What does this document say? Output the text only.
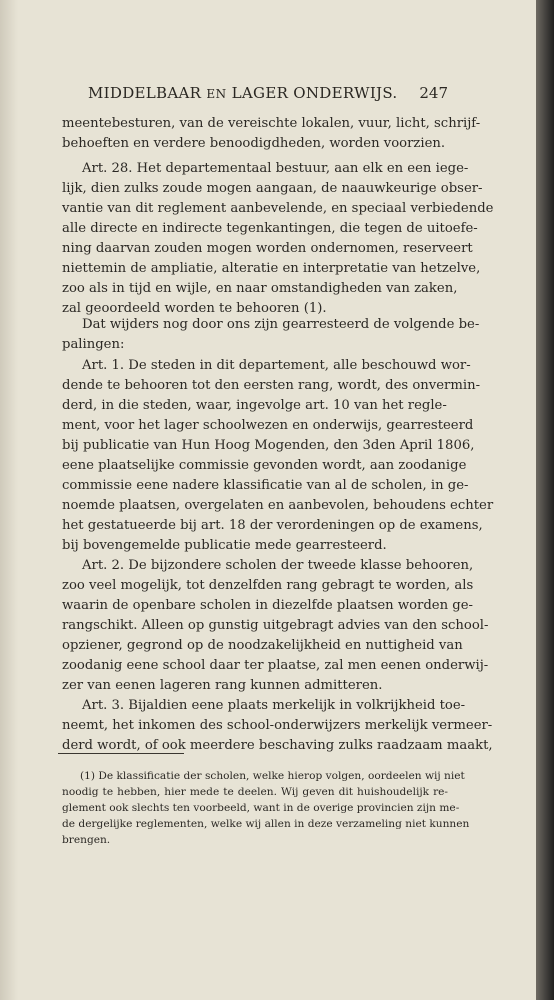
MIDDELBAAR EN LAGER ONDERWIJS. 247
meentebesturen, van de vereischte lokalen, vuur, licht, schrijf-
behoeften en verdere benoodigdheden, worden voorzien.
Art. 28. Het departementaal bestuur, aan elk en een iege-
lijk, dien zulks zoude mogen aangaan, de naauwkeurige obser-
vantie van dit reglement aanbevelende, en speciaal verbiedende
alle directe en indirecte tegenkantingen, die tegen de uitoefe-
ning daarvan zouden mogen worden ondernomen, reserveert
niettemin de ampliatie, alteratie en interpretatie van hetzelve,
zoo als in tijd en wijle, en naar omstandigheden van zaken,
zal geoordeeld worden te behooren (1).
Dat wijders nog door ons zijn gearresteerd de volgende be-
palingen:
Art. 1. De steden in dit departement, alle beschouwd wor-
dende te behooren tot den eersten rang, wordt, des onvermin-
derd, in die steden, waar, ingevolge art. 10 van het regle-
ment, voor het lager schoolwezen en onderwijs, gearresteerd
bij publicatie van Hun Hoog Mogenden, den 3den April 1806,
eene plaatselijke commissie gevonden wordt, aan zoodanige
commissie eene nadere klassificatie van al de scholen, in ge-
noemde plaatsen, overgelaten en aanbevolen, behoudens echter
het gestatueerde bij art. 18 der verordeningen op de examens,
bij bovengemelde publicatie mede gearresteerd.
Art. 2. De bijzondere scholen der tweede klasse behooren,
zoo veel mogelijk, tot denzelfden rang gebragt te worden, als
waarin de openbare scholen in diezelfde plaatsen worden ge-
rangschikt. Alleen op gunstig uitgebragt advies van den school-
opziener, gegrond op de noodzakelijkheid en nuttigheid van
zoodanig eene school daar ter plaatse, zal men eenen onderwij-
zer van eenen lageren rang kunnen admitteren.
Art. 3. Bijaldien eene plaats merkelijk in volkrijkheid toe-
neemt, het inkomen des school-onderwijzers merkelijk vermeer-
derd wordt, of ook meerdere beschaving zulks raadzaam maakt,
(1) De klassificatie der scholen, welke hierop volgen, oordeelen wij niet
noodig te hebben, hier mede te deelen. Wij geven dit huishoudelijk re-
glement ook slechts ten voorbeeld, want in de overige provincien zijn me-
de dergelijke reglementen, welke wij allen in deze verzameling niet kunnen
brengen.
